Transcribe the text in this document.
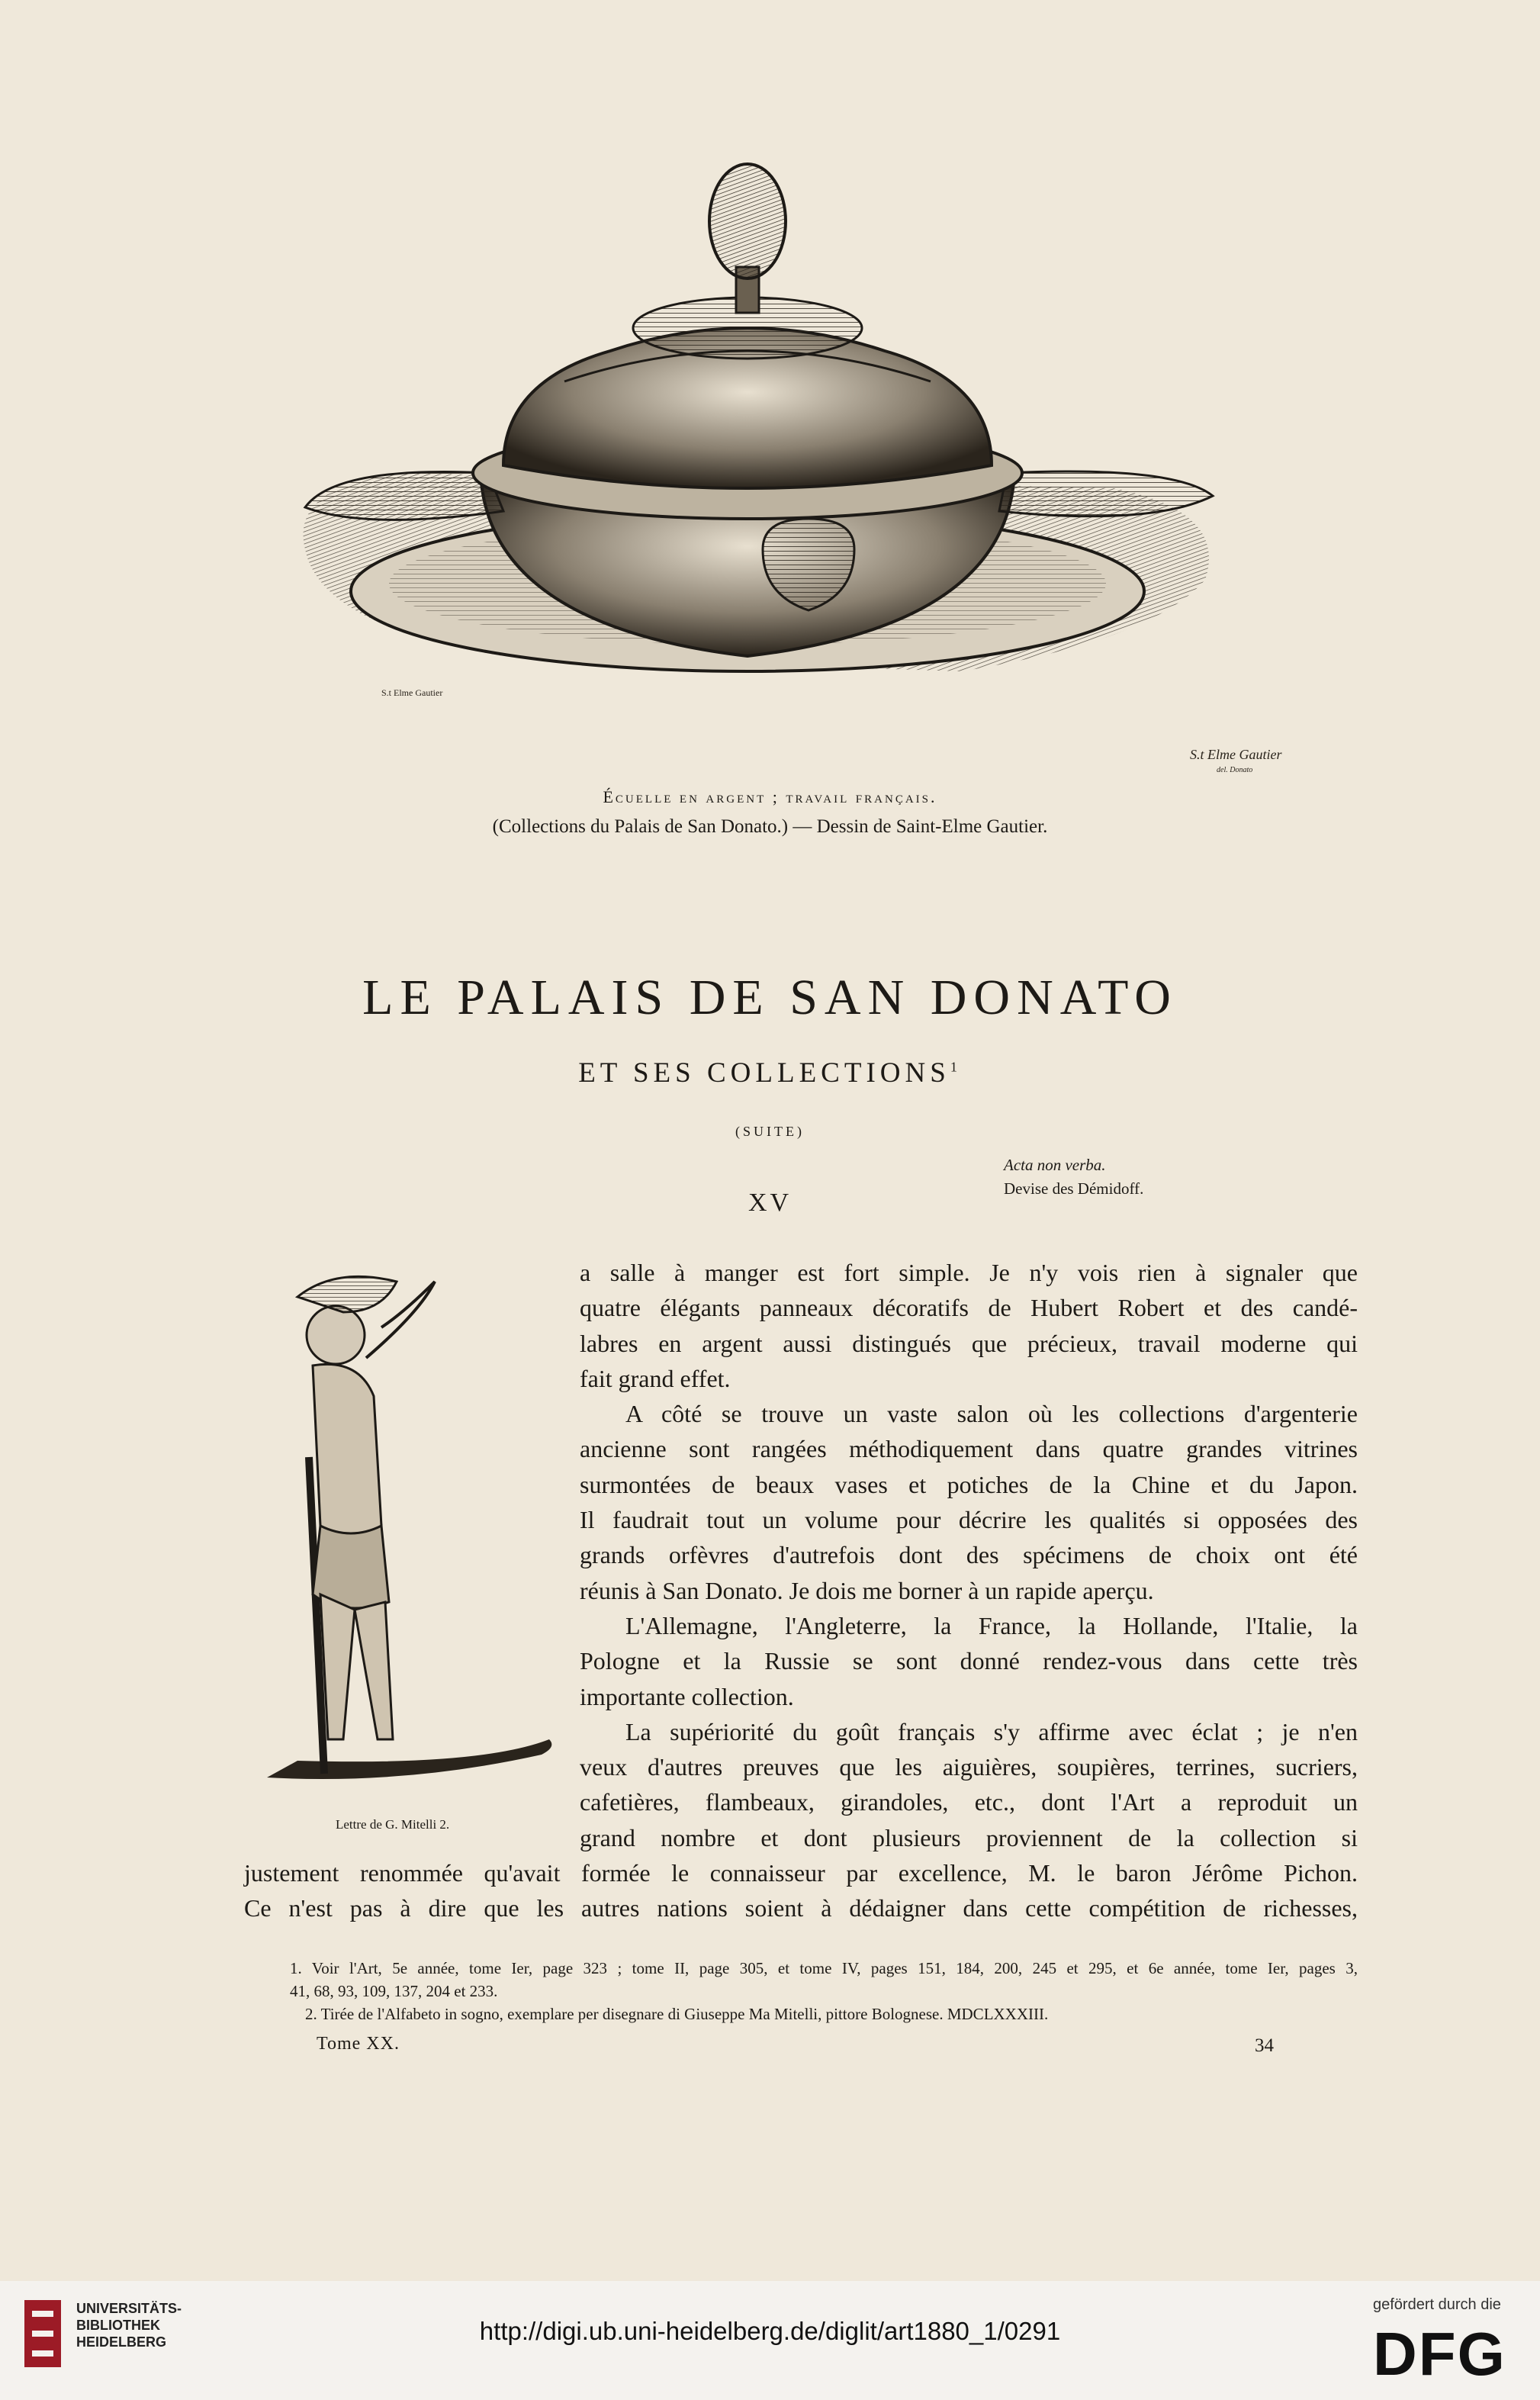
S.t Elme Gautier
S.t Elme Gautier
del. Donato
Écuelle en argent ; travail français.
(Collections du Palais de San Donato.) — Dessin de Saint-Elme Gautier.
LE PALAIS DE SAN DONATO
ET SES COLLECTIONS$^1$
(SUITE)
Acta non verba.
Devise des Démidoff.
XV
Lettre de G. Mitelli 2.
a salle à manger est fort simple. Je n'y vois rien à signaler que
quatre élégants panneaux décoratifs de Hubert Robert et des candé-
labres en argent aussi distingués que précieux, travail moderne qui
fait grand effet.
A côté se trouve un vaste salon où les collections d'argenterie
ancienne sont rangées méthodiquement dans quatre grandes vitrines
surmontées de beaux vases et potiches de la Chine et du Japon.
Il faudrait tout un volume pour décrire les qualités si opposées des
grands orfèvres d'autrefois dont des spécimens de choix ont été
réunis à San Donato. Je dois me borner à un rapide aperçu.
L'Allemagne, l'Angleterre, la France, la Hollande, l'Italie, la
Pologne et la Russie se sont donné rendez-vous dans cette très
importante collection.
La supériorité du goût français s'y affirme avec éclat ; je n'en
veux d'autres preuves que les aiguières, soupières, terrines, sucriers,
cafetières, flambeaux, girandoles, etc., dont l'Art a reproduit un
grand nombre et dont plusieurs proviennent de la collection si
justement renommée qu'avait formée le connaisseur par excellence, M. le baron Jérôme Pichon.
Ce n'est pas à dire que les autres nations soient à dédaigner dans cette compétition de richesses,
1. Voir l'Art, 5e année, tome Ier, page 323 ; tome II, page 305, et tome IV, pages 151, 184, 200, 245 et 295, et 6e année, tome Ier, pages 3,
41, 68, 93, 109, 137, 204 et 233.
2. Tirée de l'Alfabeto in sogno, exemplare per disegnare di Giuseppe Ma Mitelli, pittore Bolognese. MDCLXXXIII.
Tome XX.	34
UNIVERSITÄTS-
BIBLIOTHEK
HEIDELBERG	http://digi.ub.uni-heidelberg.de/diglit/art1880_1/0291
gefördert durch die
DFG
